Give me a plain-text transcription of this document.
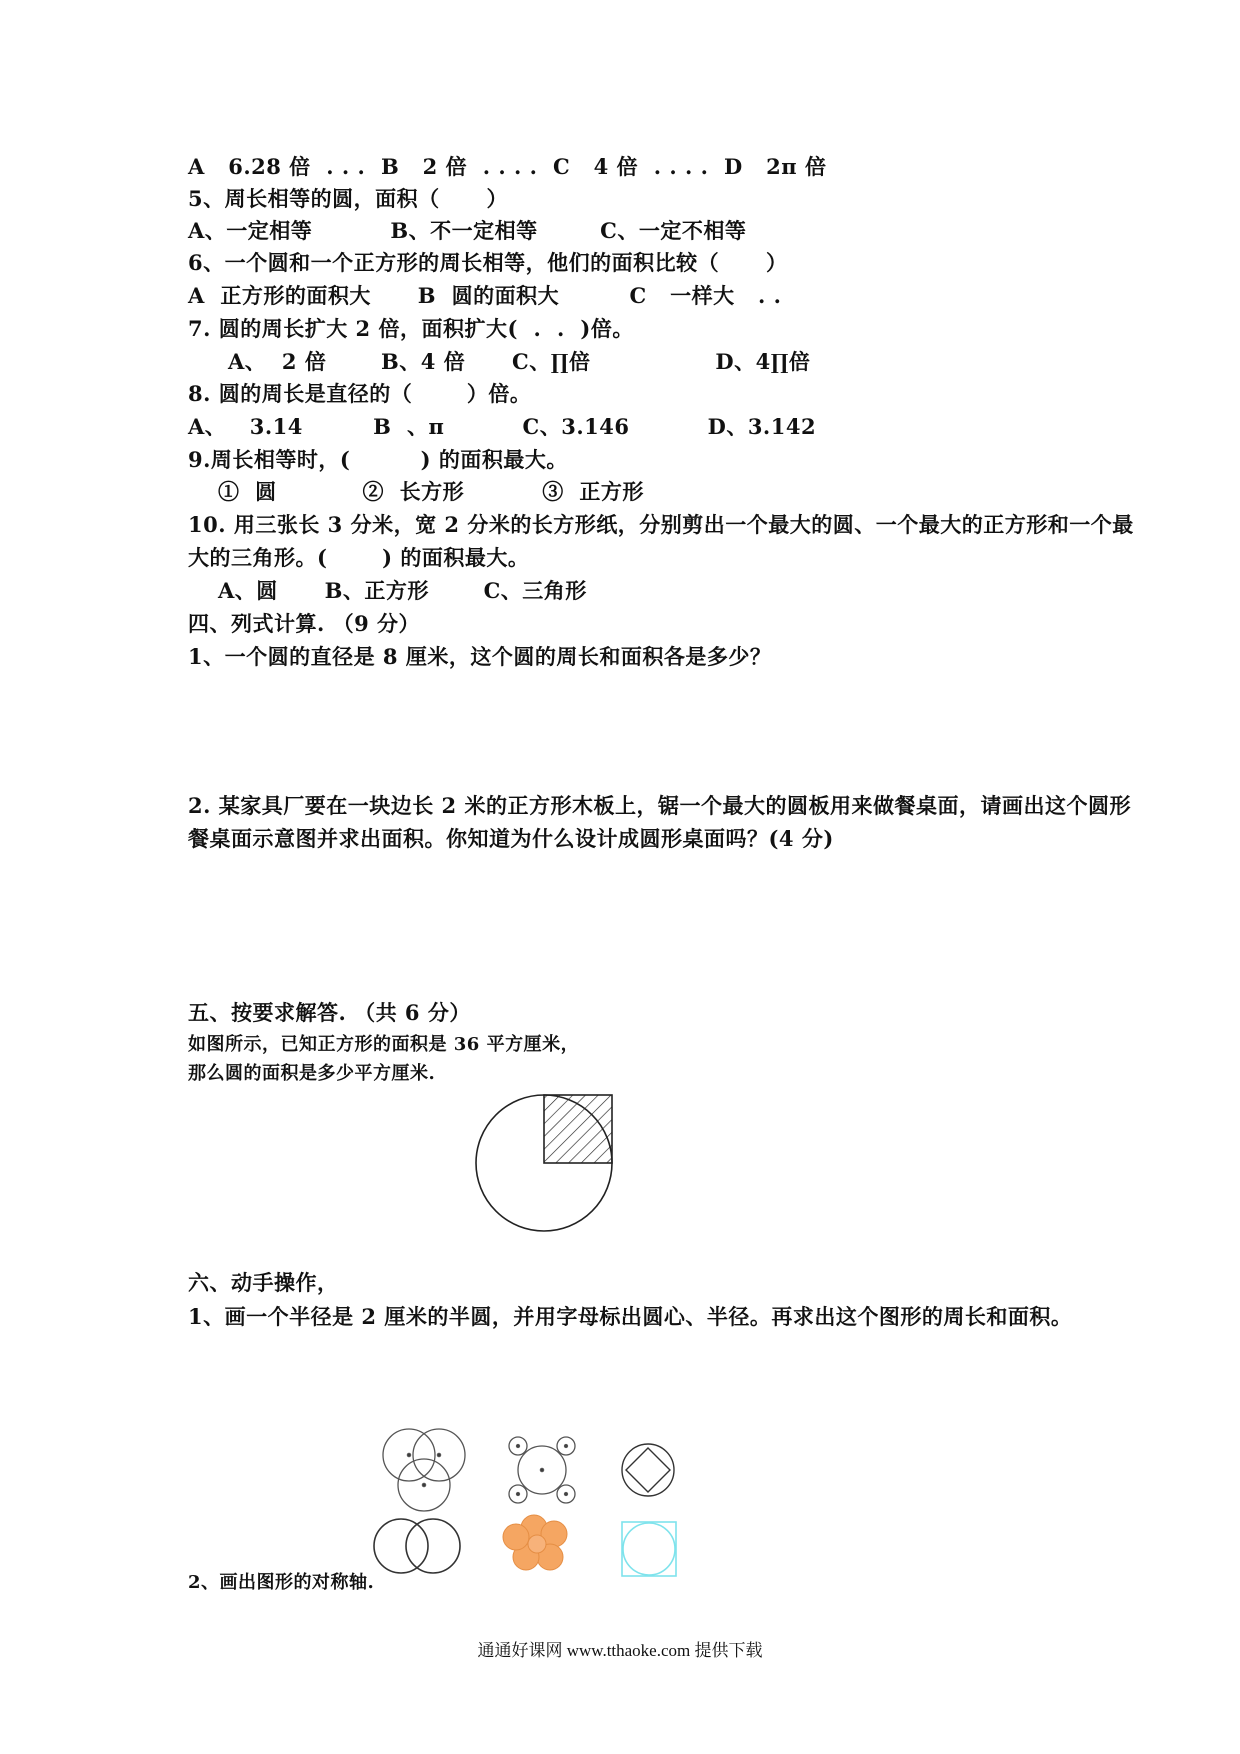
A   6.28 倍  . . .  B   2 倍  . . . .  C   4 倍  . . . .  D   2π 倍
5、周长相等的圆，面积（      ）
A、一定相等          B、不一定相等        C、一定不相等
6、一个圆和一个正方形的周长相等，他们的面积比较（      ）
A  正方形的面积大      B  圆的面积大         C   一样大   . .
7. 圆的周长扩大 2 倍，面积扩大(  .  .  )倍。
A、  2 倍       B、4 倍      C、∏倍                D、4∏倍
8. 圆的周长是直径的（       ）倍。
A、   3.14         B  、π          C、3.146          D、3.142
9.周长相等时，(         ) 的面积最大。
①  圆           ②  长方形          ③  正方形
10. 用三张长 3 分米，宽 2 分米的长方形纸，分别剪出一个最大的圆、一个最大的正方形和一个最
大的三角形。(       ) 的面积最大。
A、圆      B、正方形       C、三角形
四、列式计算. （9 分）
1、一个圆的直径是 8 厘米，这个圆的周长和面积各是多少？
2. 某家具厂要在一块边长 2 米的正方形木板上，锯一个最大的圆板用来做餐桌面，请画出这个圆形
餐桌面示意图并求出面积。你知道为什么设计成圆形桌面吗？(4 分)
五、按要求解答. （共 6 分）
如图所示，已知正方形的面积是 36 平方厘米，
那么圆的面积是多少平方厘米.
六、动手操作，
1、画一个半径是 2 厘米的半圆，并用字母标出圆心、半径。再求出这个图形的周长和面积。
2、画出图形的对称轴.
通通好课网 www.tthaoke.com 提供下载
